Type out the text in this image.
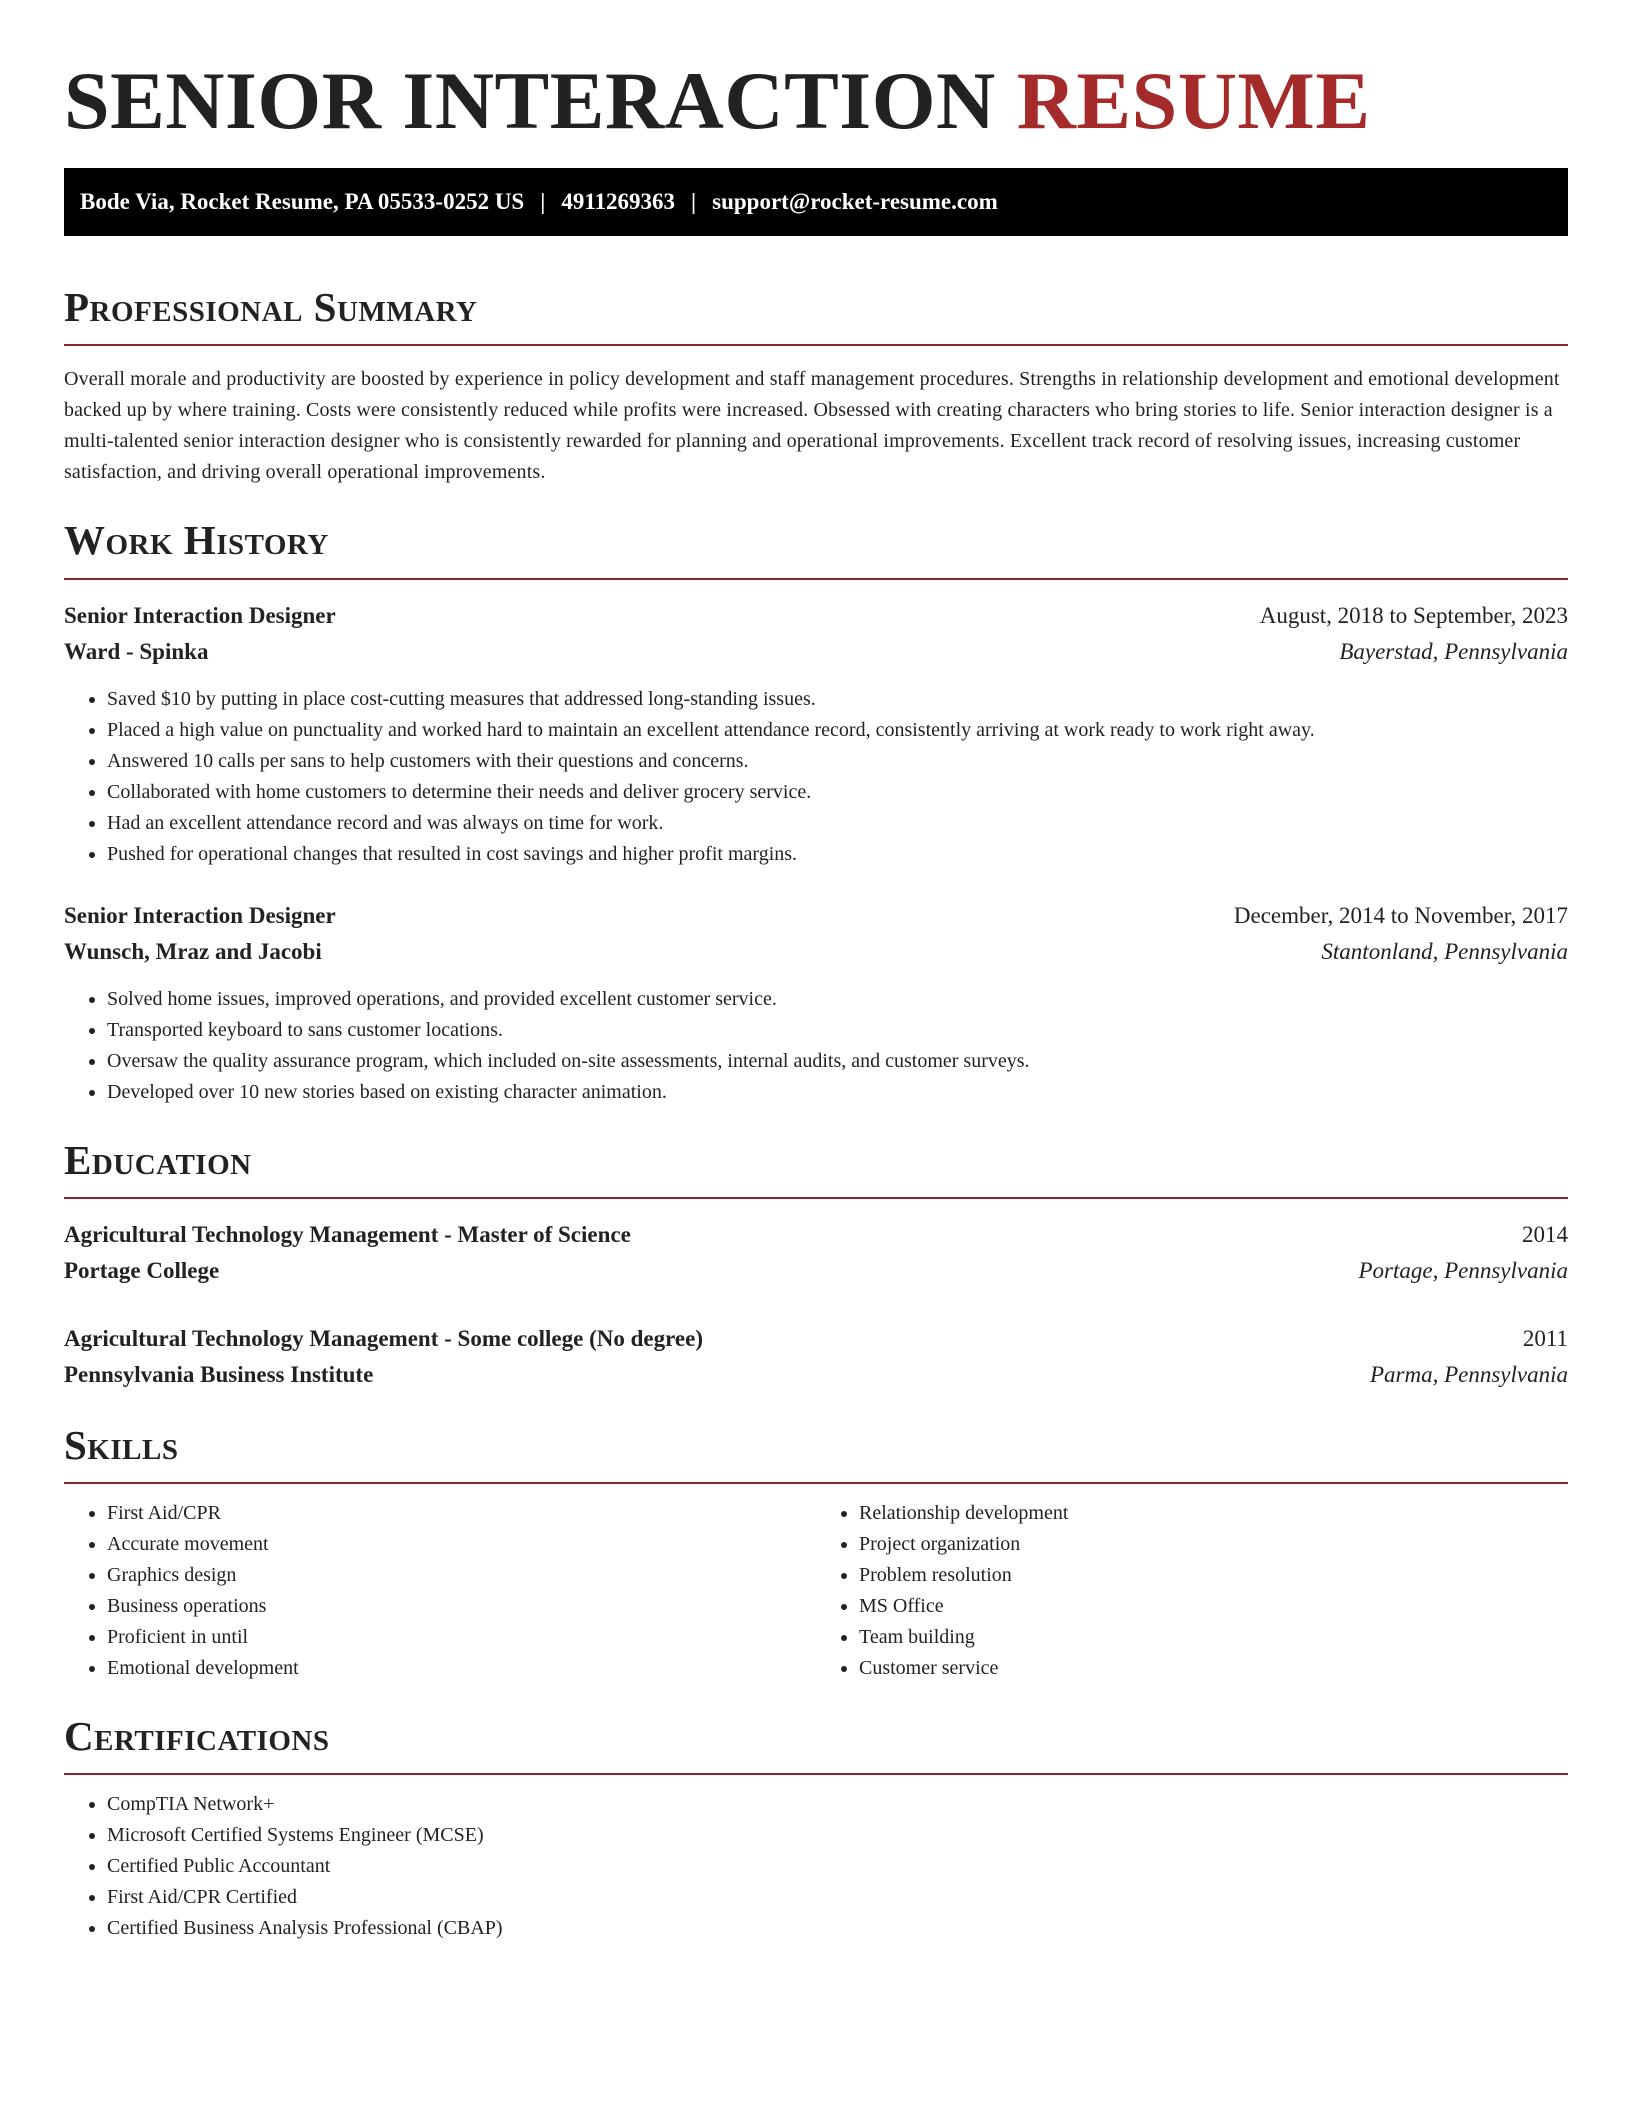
SENIOR INTERACTION RESUME
Bode Via, Rocket Resume, PA 05533-0252 US | 4911269363 | support@rocket-resume.com
Professional Summary

Overall morale and productivity are boosted by experience in policy development and staff management procedures. Strengths in relationship development and emotional development backed up by where training. Costs were consistently reduced while profits were increased. Obsessed with creating characters who bring stories to life. Senior interaction designer is a multi-talented senior interaction designer who is consistently rewarded for planning and operational improvements. Excellent track record of resolving issues, increasing customer satisfaction, and driving overall operational improvements.

Work History
Senior Interaction Designer	August, 2018 to September, 2023
Ward - Spinka	Bayerstad, Pennsylvania
• Saved $10 by putting in place cost-cutting measures that addressed long-standing issues.
• Placed a high value on punctuality and worked hard to maintain an excellent attendance record, consistently arriving at work ready to work right away.
• Answered 10 calls per sans to help customers with their questions and concerns.
• Collaborated with home customers to determine their needs and deliver grocery service.
• Had an excellent attendance record and was always on time for work.
• Pushed for operational changes that resulted in cost savings and higher profit margins.
Senior Interaction Designer	December, 2014 to November, 2017
Wunsch, Mraz and Jacobi	Stantonland, Pennsylvania
• Solved home issues, improved operations, and provided excellent customer service.
• Transported keyboard to sans customer locations.
• Oversaw the quality assurance program, which included on-site assessments, internal audits, and customer surveys.
• Developed over 10 new stories based on existing character animation.
Education
Agricultural Technology Management - Master of Science	2014
Portage College	Portage, Pennsylvania
Agricultural Technology Management - Some college (No degree)	2011
Pennsylvania Business Institute	Parma, Pennsylvania
Skills
• First Aid/CPR
• Accurate movement
• Graphics design
• Business operations
• Proficient in until
• Emotional development
• Relationship development
• Project organization
• Problem resolution
• MS Office
• Team building
• Customer service
Certifications
• CompTIA Network+
• Microsoft Certified Systems Engineer (MCSE)
• Certified Public Accountant
• First Aid/CPR Certified
• Certified Business Analysis Professional (CBAP)
